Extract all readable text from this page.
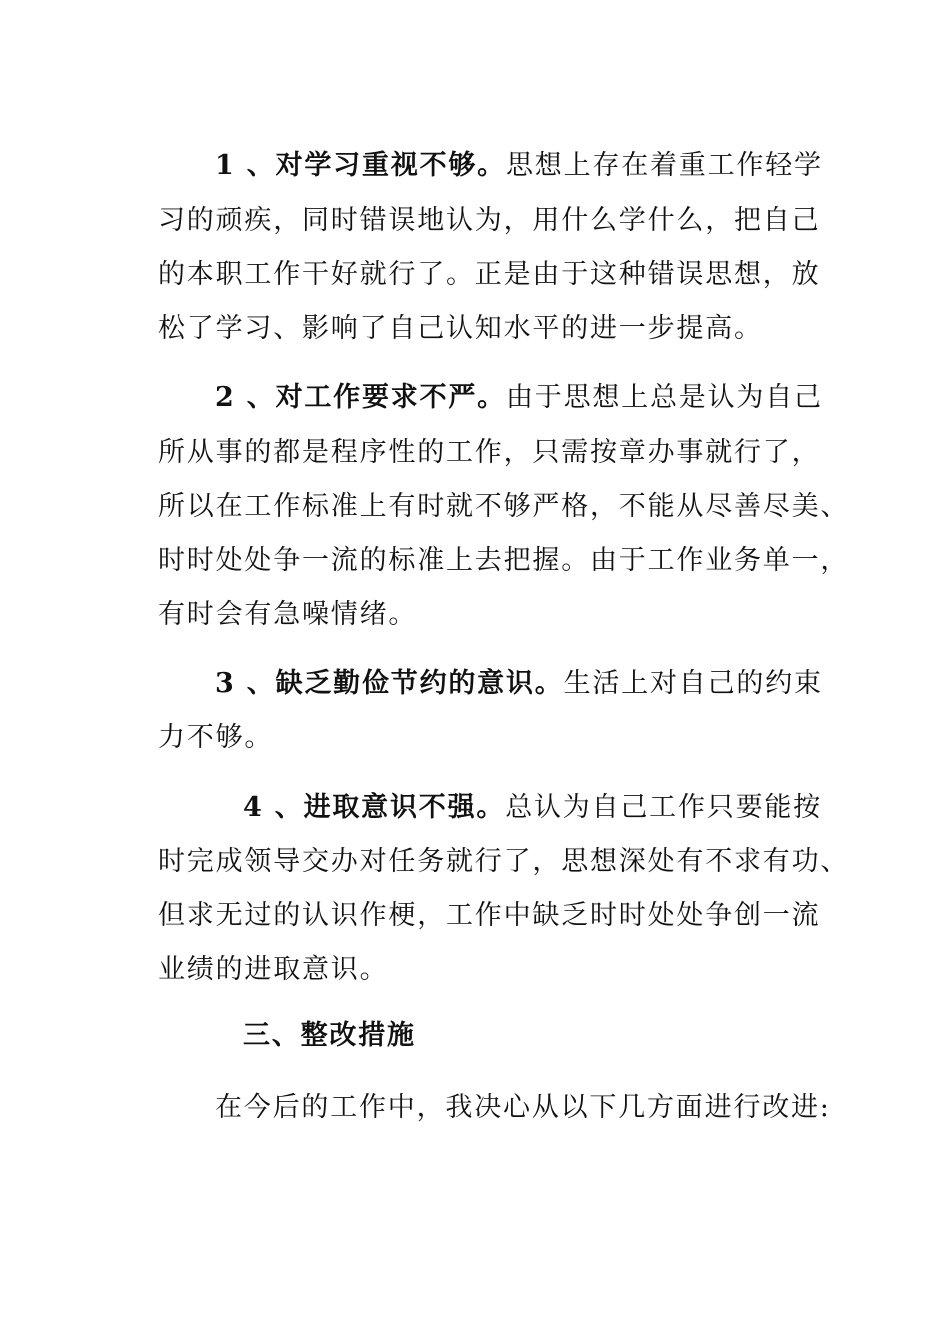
1 、对学习重视不够。思想上存在着重工作轻学
习的顽疾，同时错误地认为，用什么学什么，把自己
的本职工作干好就行了。正是由于这种错误思想，放
松了学习、影响了自己认知水平的进一步提高。
2 、对工作要求不严。由于思想上总是认为自己
所从事的都是程序性的工作，只需按章办事就行了，
所以在工作标准上有时就不够严格，不能从尽善尽美、
时时处处争一流的标准上去把握。由于工作业务单一，
有时会有急噪情绪。
3 、缺乏勤俭节约的意识。生活上对自己的约束
力不够。
4 、进取意识不强。总认为自己工作只要能按
时完成领导交办对任务就行了，思想深处有不求有功、
但求无过的认识作梗，工作中缺乏时时处处争创一流
业绩的进取意识。
三、整改措施
在今后的工作中，我决心从以下几方面进行改进:
